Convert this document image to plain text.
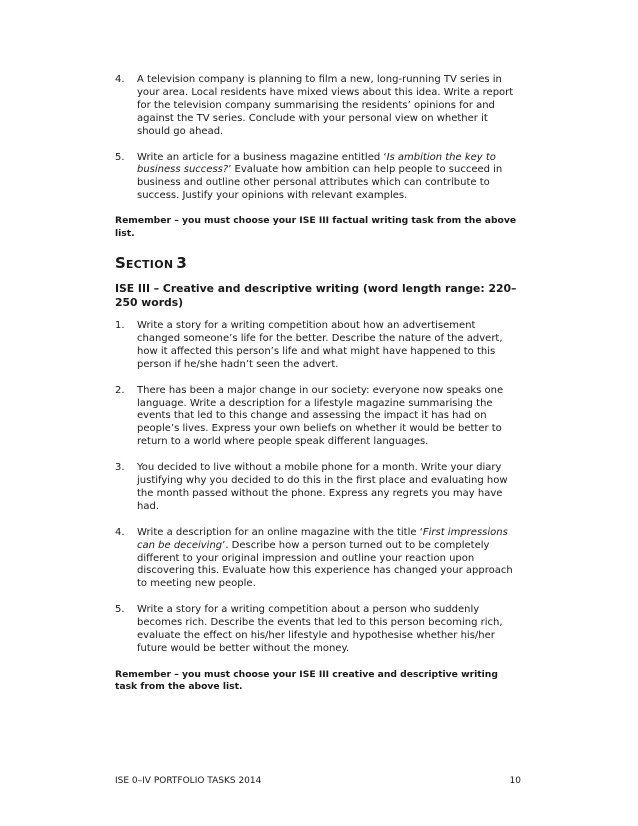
4. A television company is planning to film a new, long-running TV series in your area. Local residents have mixed views about this idea. Write a report for the television company summarising the residents’ opinions for and against the TV series. Conclude with your personal view on whether it should go ahead.

5. Write an article for a business magazine entitled ‘Is ambition the key to business success?’ Evaluate how ambition can help people to succeed in business and outline other personal attributes which can contribute to success. Justify your opinions with relevant examples.

Remember – you must choose your ISE III factual writing task from the above list.

SECTION  3

ISE III – Creative and descriptive writing (word length range: 220–250 words)

1. Write a story for a writing competition about how an advertisement changed someone’s life for the better. Describe the nature of the advert, how it affected this person’s life and what might have happened to this person if he/she hadn’t seen the advert.

2. There has been a major change in our society: everyone now speaks one language. Write a description for a lifestyle magazine summarising the events that led to this change and assessing the impact it has had on people’s lives. Express your own beliefs on whether it would be better to return to a world where people speak different languages.

3. You decided to live without a mobile phone for a month. Write your diary justifying why you decided to do this in the first place and evaluating how the month passed without the phone. Express any regrets you may have had.

4. Write a description for an online magazine with the title ‘First impressions can be deceiving’. Describe how a person turned out to be completely different to your original impression and outline your reaction upon discovering this. Evaluate how this experience has changed your approach to meeting new people.

5. Write a story for a writing competition about a person who suddenly becomes rich. Describe the events that led to this person becoming rich, evaluate the effect on his/her lifestyle and hypothesise whether his/her future would be better without the money.

Remember – you must choose your ISE III creative and descriptive writing task from the above list.

ISE 0–IV PORTFOLIO TASKS 2014	10
